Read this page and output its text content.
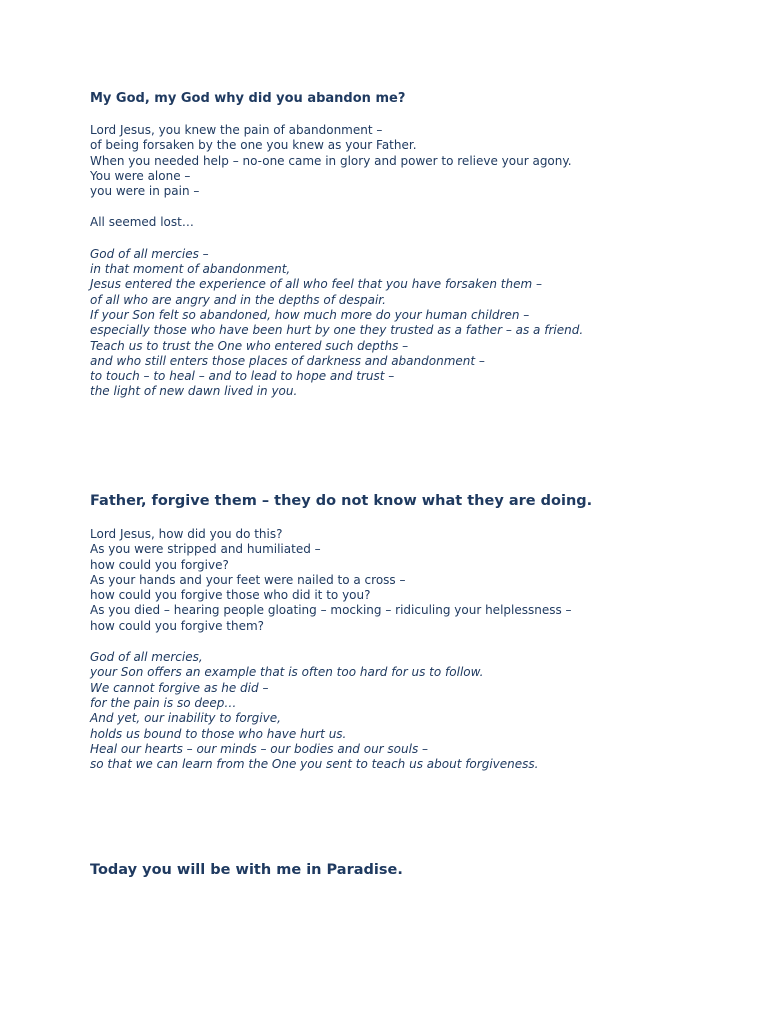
My God, my God why did you abandon me?
Lord Jesus, you knew the pain of abandonment –
of being forsaken by the one you knew as your Father.
When you needed help – no-one came in glory and power to relieve your agony.
You were alone –
you were in pain –
All seemed lost…
God of all mercies –
in that moment of abandonment,
Jesus entered the experience of all who feel that you have forsaken them –
of all who are angry and in the depths of despair.
If your Son felt so abandoned, how much more do your human children –
especially those who have been hurt by one they trusted as a father – as a friend.
Teach us to trust the One who entered such depths –
and who still enters those places of darkness and abandonment –
to touch – to heal – and to lead to hope and trust –
the light of new dawn lived in you.
Father, forgive them – they do not know what they are doing.
Lord Jesus, how did you do this?
As you were stripped and humiliated –
how could you forgive?
As your hands and your feet were nailed to a cross –
how could you forgive those who did it to you?
As you died – hearing people gloating – mocking – ridiculing your helplessness –
how could you forgive them?
God of all mercies,
your Son offers an example that is often too hard for us to follow.
We cannot forgive as he did –
for the pain is so deep…
And yet, our inability to forgive,
holds us bound to those who have hurt us.
Heal our hearts – our minds – our bodies and our souls –
so that we can learn from the One you sent to teach us about forgiveness.
Today you will be with me in Paradise.
